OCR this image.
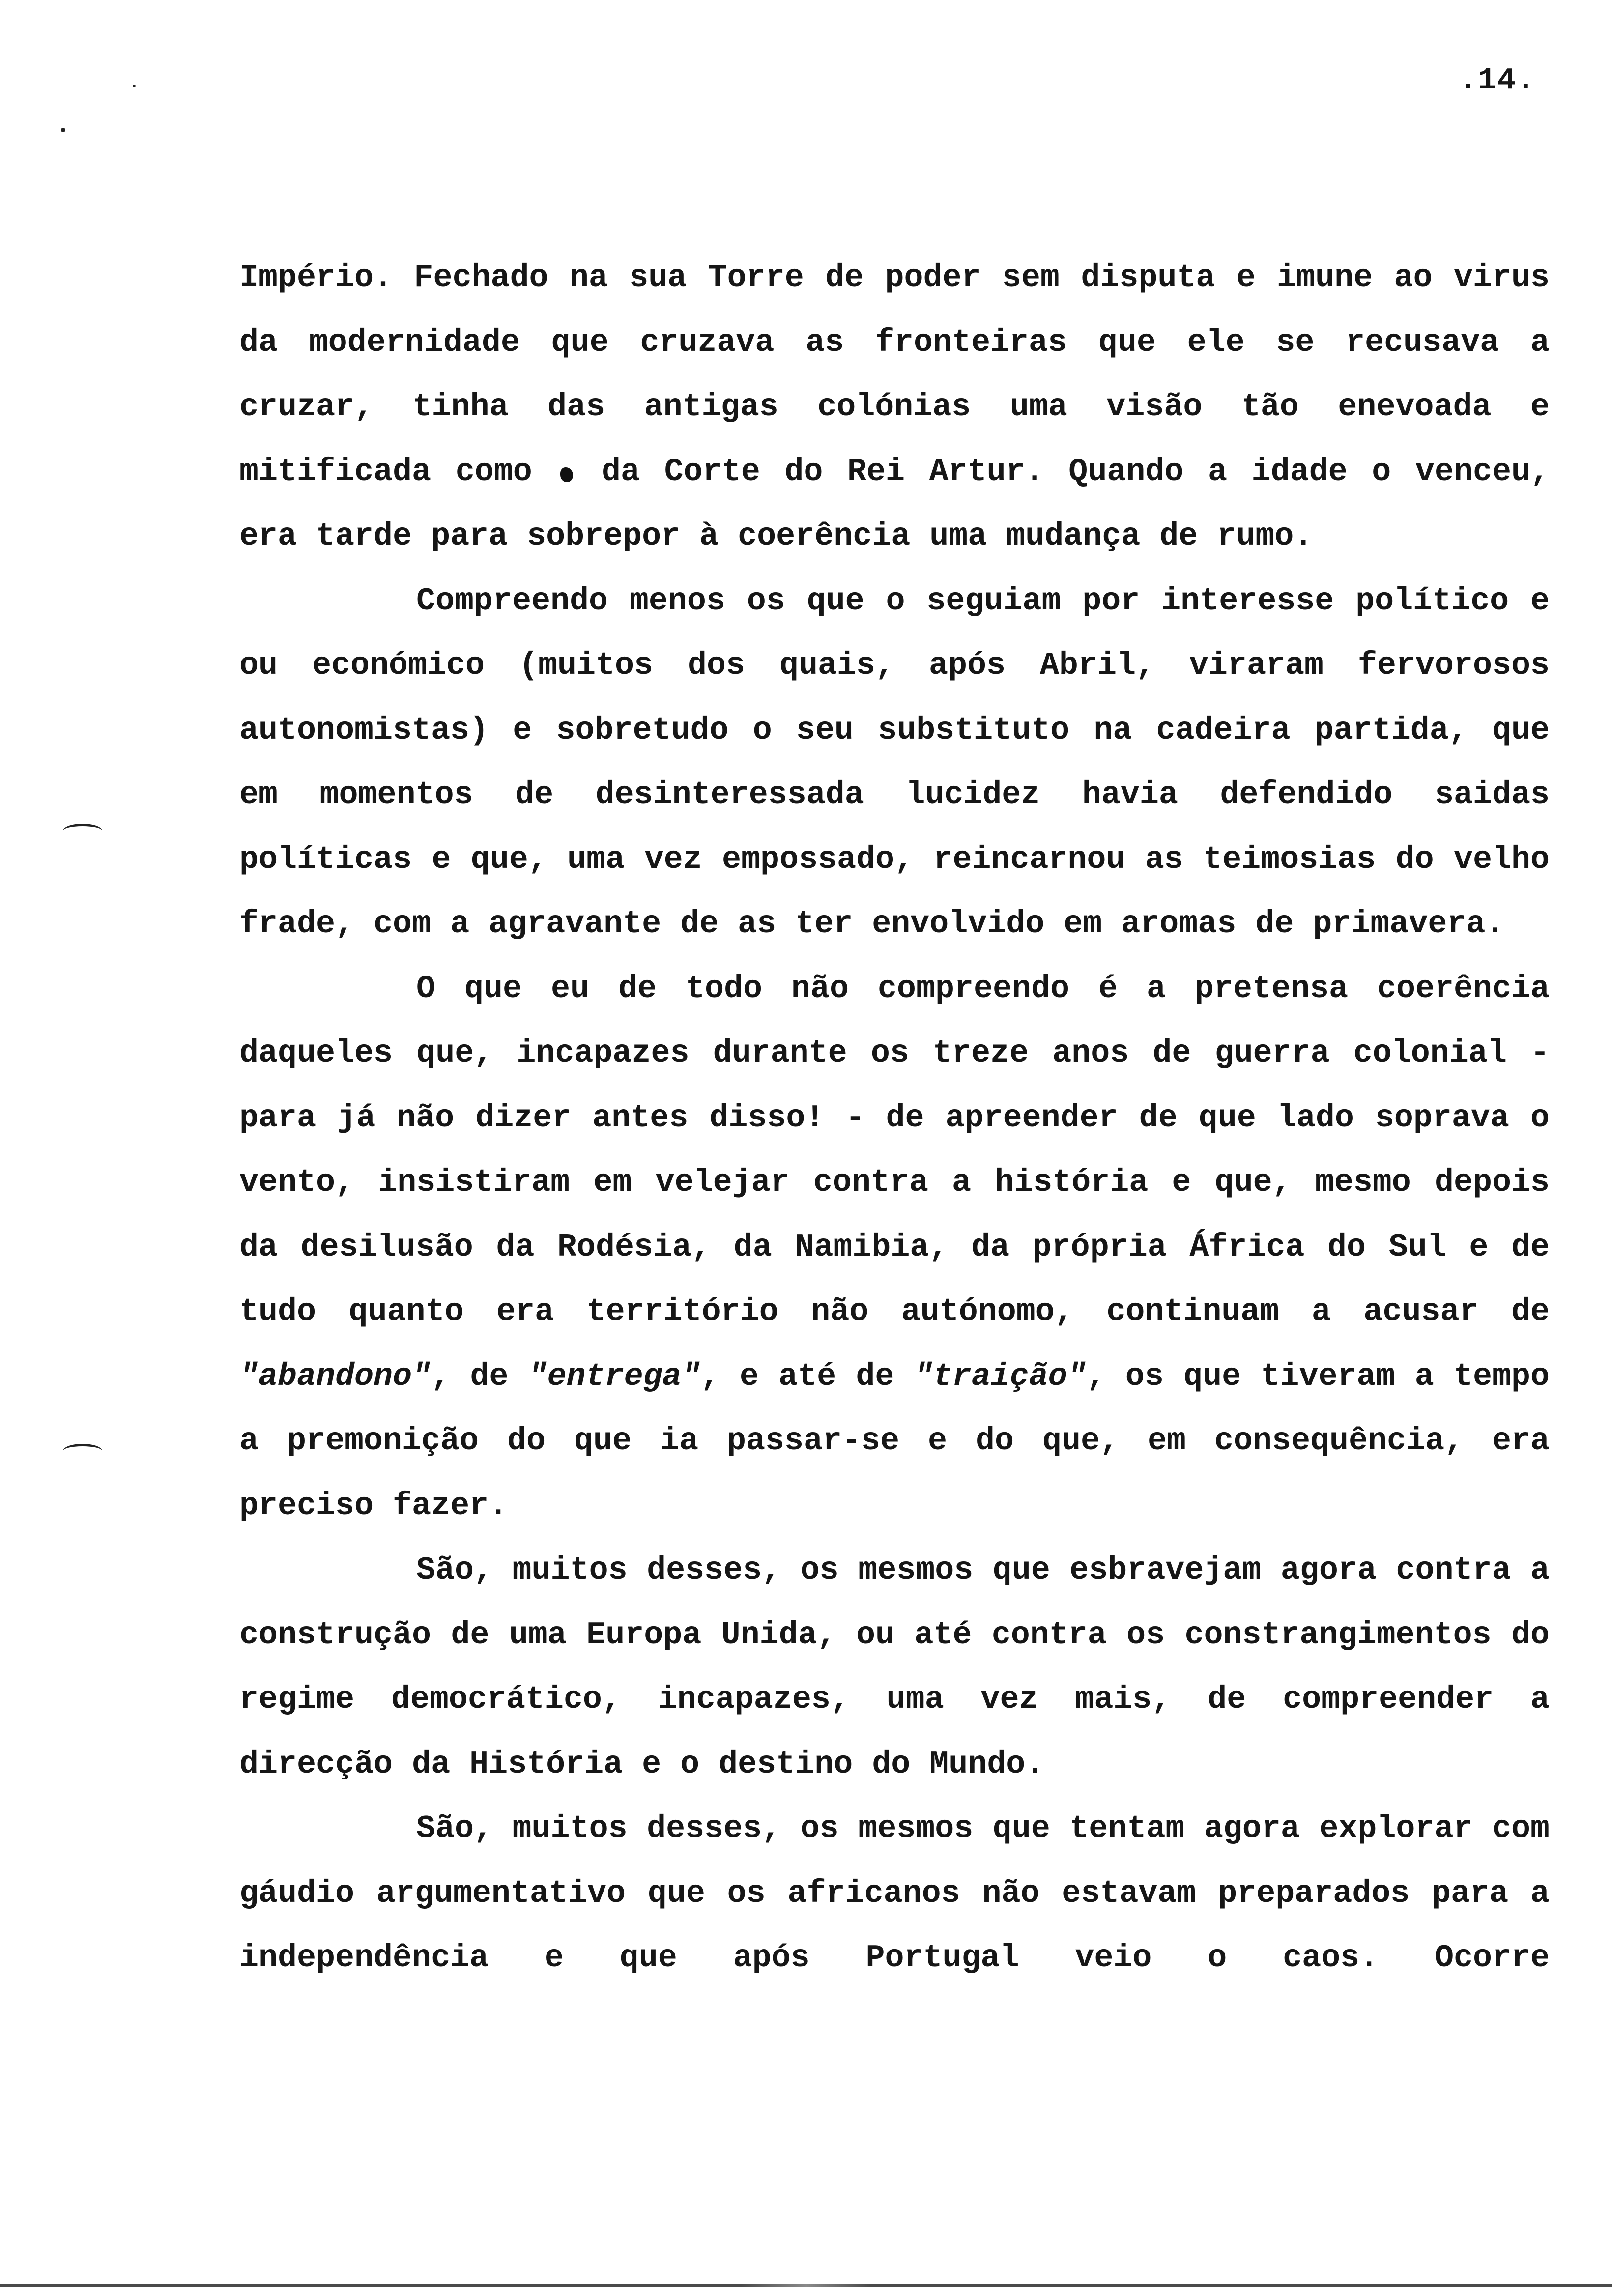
.14.

Império. Fechado na sua Torre de poder sem disputa e imune ao virus da modernidade que cruzava as fronteiras que ele se recusava a cruzar, tinha das antigas colónias uma visão tão enevoada e mitificada como da Corte do Rei Artur. Quando a idade o venceu, era tarde para sobrepor à coerência uma mudança de rumo.

Compreendo menos os que o seguiam por interesse político e ou económico (muitos dos quais, após Abril, viraram fervorosos autonomistas) e sobretudo o seu substituto na cadeira partida, que em momentos de desinteressada lucidez havia defendido saidas políticas e que, uma vez empossado, reincarnou as teimosias do velho frade, com a agravante de as ter envolvido em aromas de primavera.

O que eu de todo não compreendo é a pretensa coerência daqueles que, incapazes durante os treze anos de guerra colonial - para já não dizer antes disso! - de apreender de que lado soprava o vento, insistiram em velejar contra a história e que, mesmo depois da desilusão da Rodésia, da Namibia, da própria África do Sul e de tudo quanto era território não autónomo, continuam a acusar de "abandono", de "entrega", e até de "traição", os que tiveram a tempo a premonição do que ia passar-se e do que, em consequência, era preciso fazer.

São, muitos desses, os mesmos que esbravejam agora contra a construção de uma Europa Unida, ou até contra os constrangimentos do regime democrático, incapazes, uma vez mais, de compreender a direcção da História e o destino do Mundo.

São, muitos desses, os mesmos que tentam agora explorar com gáudio argumentativo que os africanos não estavam preparados para a independência e que após Portugal veio o caos. Ocorre
